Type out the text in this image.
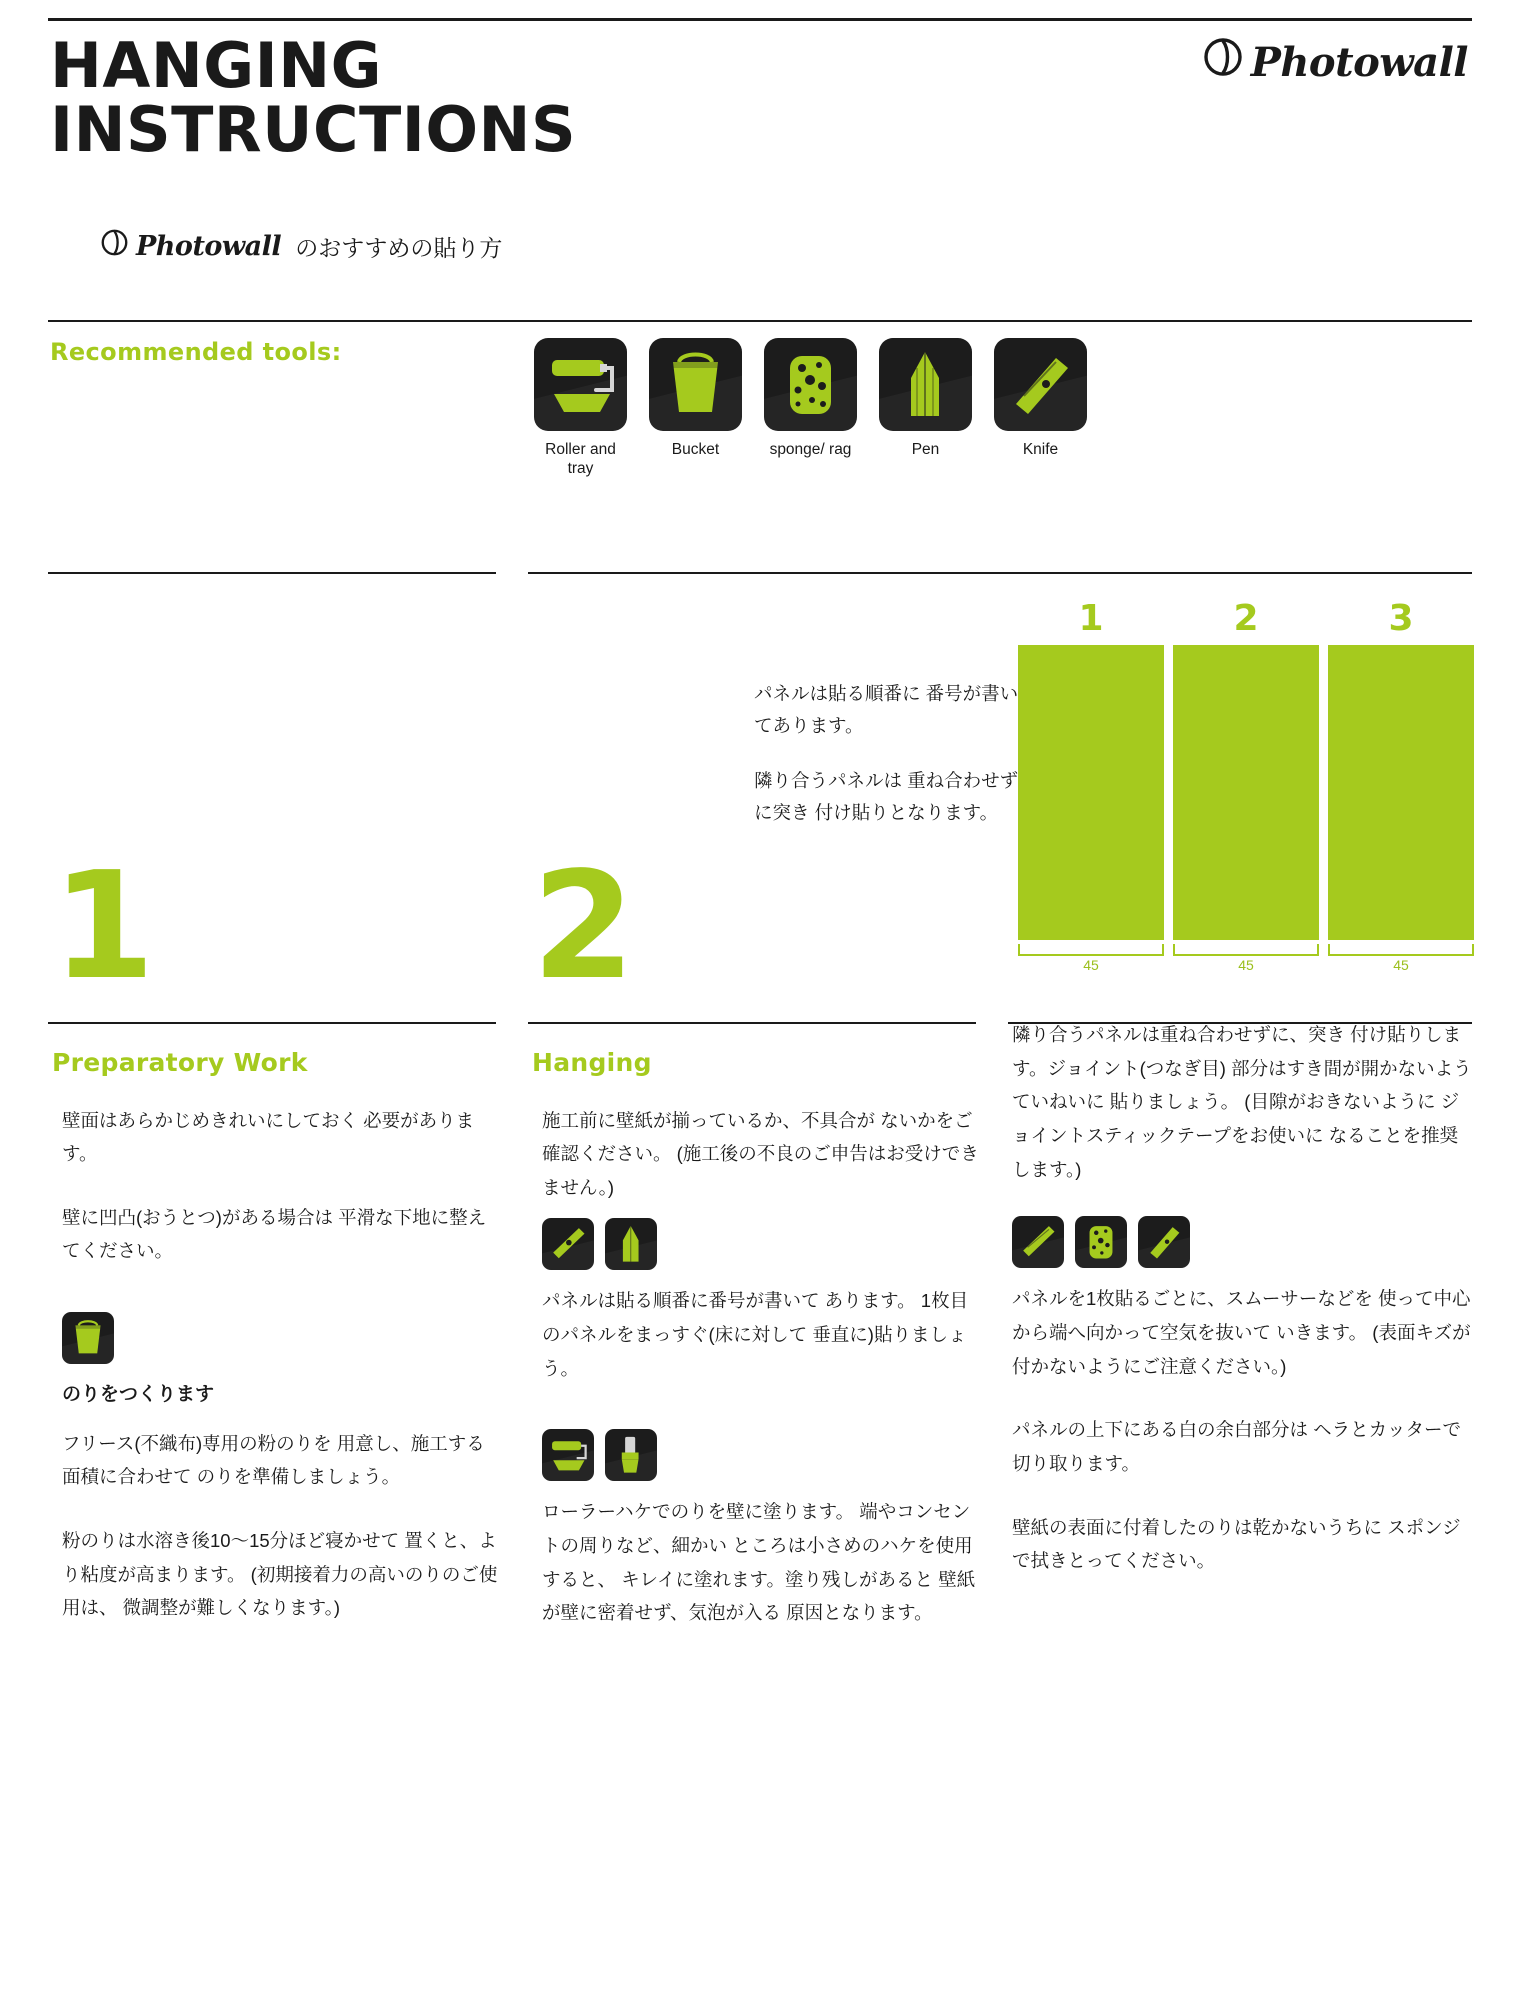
HANGING
INSTRUCTIONS
Photowall
Photowall のおすすめの貼り方
Recommended tools:
Roller and tray
Bucket	sponge/ rag	Pen	Knife
1	2

パネルは貼る順番に 番号が書いてあります。

隣り合うパネルは 重ね合わせずに突き 付け貼りとなります。

1	2	3
45	45	45
Preparatory Work

壁面はあらかじめきれいにしておく 必要があります。

壁に凹凸(おうとつ)がある場合は 平滑な下地に整えてください。

のりをつくります

フリース(不織布)専用の粉のりを 用意し、施工する面積に合わせて のりを準備しましょう。

粉のりは水溶き後10〜15分ほど寝かせて 置くと、より粘度が高まります。 (初期接着力の高いのりのご使用は、 微調整が難しくなります。)

Hanging

施工前に壁紙が揃っているか、不具合が ないかをご確認ください。 (施工後の不良のご申告はお受けできません。)

パネルは貼る順番に番号が書いて あります。 1枚目のパネルをまっすぐ(床に対して 垂直に)貼りましょう。

ローラーハケでのりを壁に塗ります。 端やコンセントの周りなど、細かい ところは小さめのハケを使用すると、 キレイに塗れます。塗り残しがあると 壁紙が壁に密着せず、気泡が入る 原因となります。

隣り合うパネルは重ね合わせずに、突き 付け貼りします。ジョイント(つなぎ目) 部分はすき間が開かないようていねいに 貼りましょう。 (目隙がおきないように ジョイントスティックテープをお使いに なることを推奨します。)

パネルを1枚貼るごとに、スムーサーなどを 使って中心から端へ向かって空気を抜いて いきます。 (表面キズが付かないようにご注意ください。)

パネルの上下にある白の余白部分は ヘラとカッターで切り取ります。

壁紙の表面に付着したのりは乾かないうちに スポンジで拭きとってください。
